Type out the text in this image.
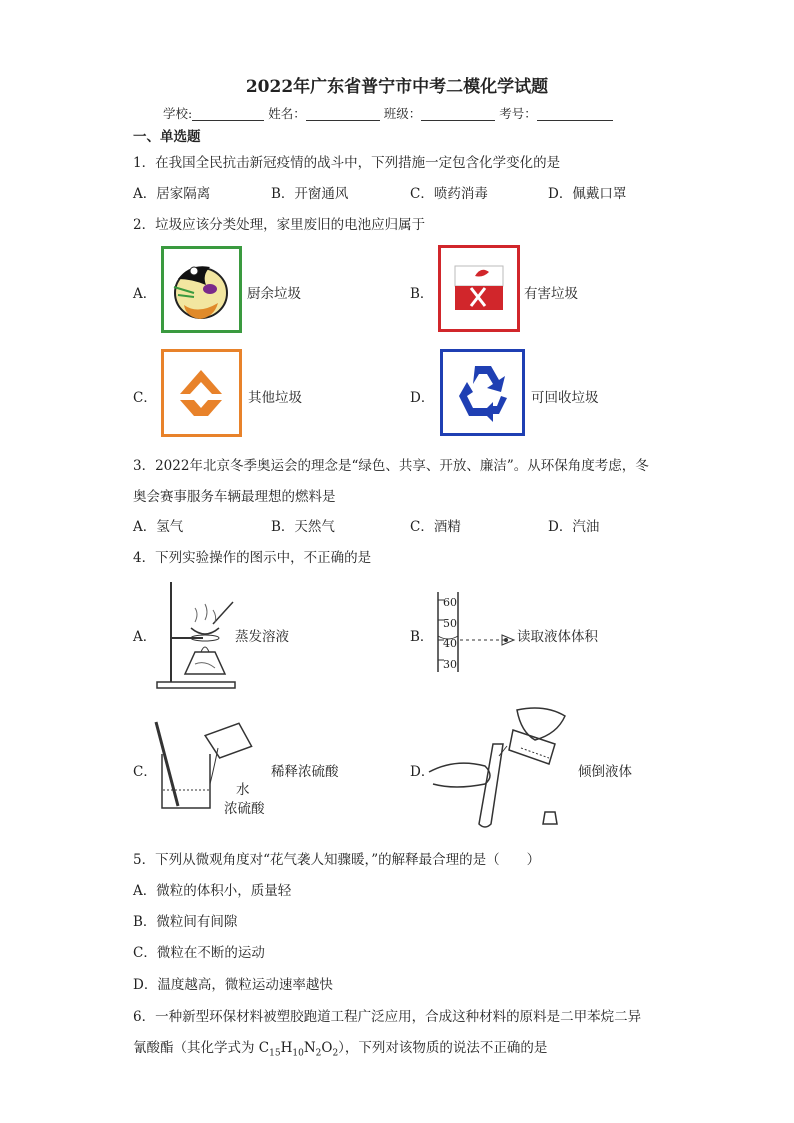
2022年广东省普宁市中考二模化学试题
学校:	姓名：	班级：	考号：
一、单选题
1．在我国全民抗击新冠疫情的战斗中，下列措施一定包含化学变化的是
A．居家隔离	B．开窗通风	C．喷药消毒	D．佩戴口罩
2．垃圾应该分类处理，家里废旧的电池应归属于
A．	厨余垃圾	B．	有害垃圾
C．	其他垃圾	D．	可回收垃圾
3．2022年北京冬季奥运会的理念是“绿色、共享、开放、廉洁”。从环保角度考虑，冬
奥会赛事服务车辆最理想的燃料是
A．氢气	B．天然气	C．酒精	D．汽油
4．下列实验操作的图示中，不正确的是
A．	蒸发溶液	B．
60
50
40
30
读取液体体积
C．
水
浓硫酸
稀释浓硫酸	D．	倾倒液体
5．下列从微观角度对“花气袭人知骤暖，”的解释最合理的是（　　）
A．微粒的体积小，质量轻
B．微粒间有间隙
C．微粒在不断的运动
D．温度越高，微粒运动速率越快
6．一种新型环保材料被塑胶跑道工程广泛应用，合成这种材料的原料是二甲苯烷二异
氰酸酯（其化学式为 $C_{15}H_{10}N_2O_2$），下列对该物质的说法不正确的是
